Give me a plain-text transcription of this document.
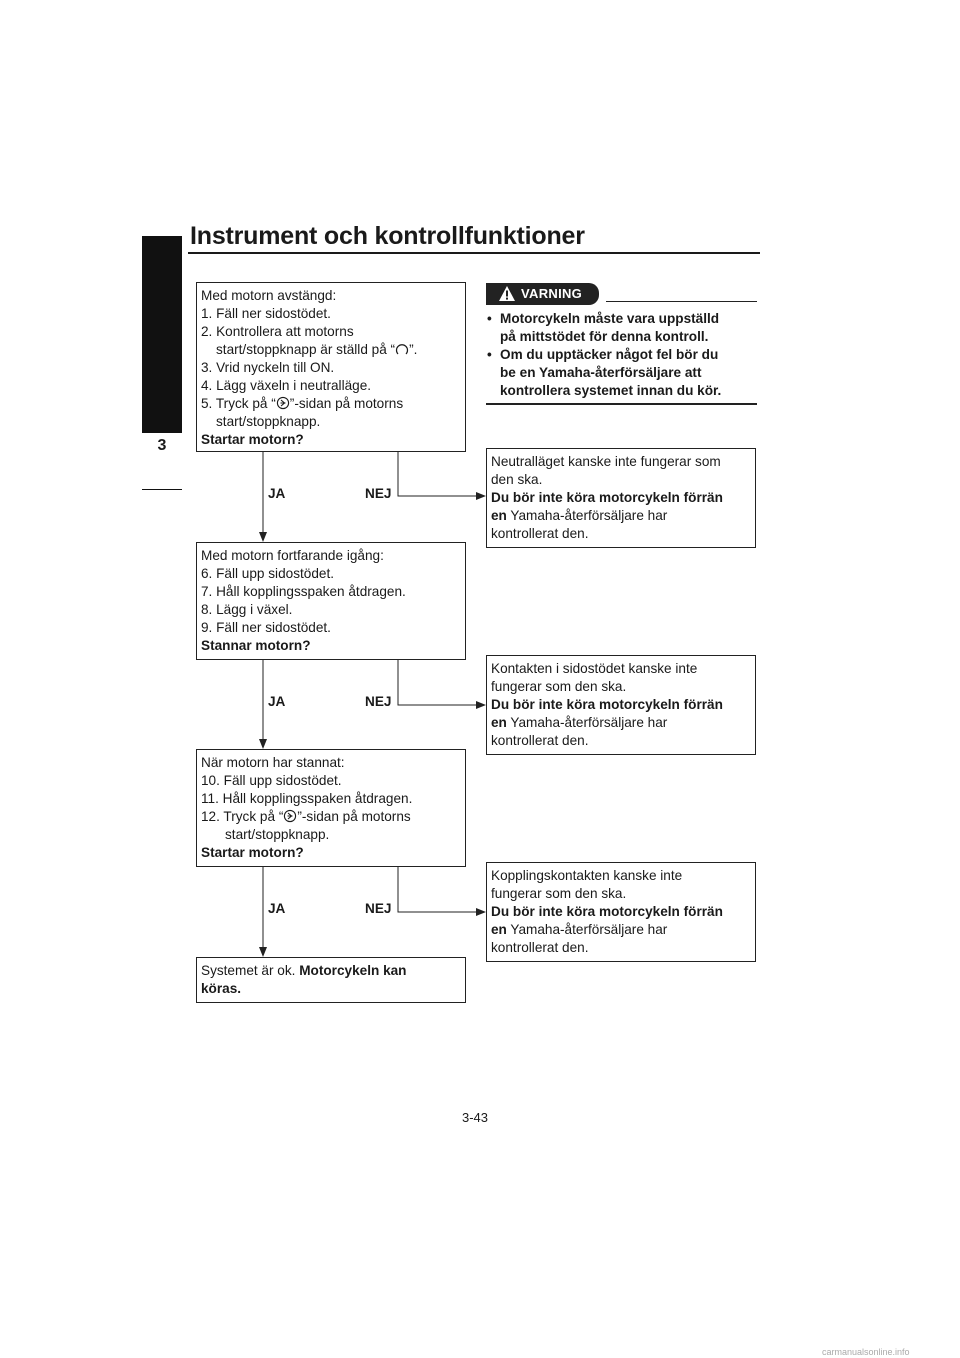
Instrument och kontrollfunktioner
3
JA	NEJ
JA	NEJ
JA	NEJ
Med motorn avstängd:
1. Fäll ner sidostödet.
2. Kontrollera att motorns
start/stoppknapp är ställd på “ ”.
3. Vrid nyckeln till ON.
4. Lägg växeln i neutralläge.
5. Tryck på “ ”-sidan på motorns
start/stoppknapp.
Startar motorn?
Med motorn fortfarande igång:
6. Fäll upp sidostödet.
7. Håll kopplingsspaken åtdragen.
8. Lägg i växel.
9. Fäll ner sidostödet.
Stannar motorn?
När motorn har stannat:
10. Fäll upp sidostödet.
11. Håll kopplingsspaken åtdragen.
12. Tryck på “ ”-sidan på motorns
start/stoppknapp.
Startar motorn?
Systemet är ok. Motorcykeln kan
köras.
VARNING
• Motorcykeln måste vara uppställd
på mittstödet för denna kontroll.
• Om du upptäcker något fel bör du
be en Yamaha-återförsäljare att
kontrollera systemet innan du kör.
Neutralläget kanske inte fungerar som
den ska.
Du bör inte köra motorcykeln förrän
en Yamaha-återförsäljare har
kontrollerat den.
Kontakten i sidostödet kanske inte
fungerar som den ska.
Du bör inte köra motorcykeln förrän
en Yamaha-återförsäljare har
kontrollerat den.
Kopplingskontakten kanske inte
fungerar som den ska.
Du bör inte köra motorcykeln förrän
en Yamaha-återförsäljare har
kontrollerat den.
3-43
carmanualsonline.info
